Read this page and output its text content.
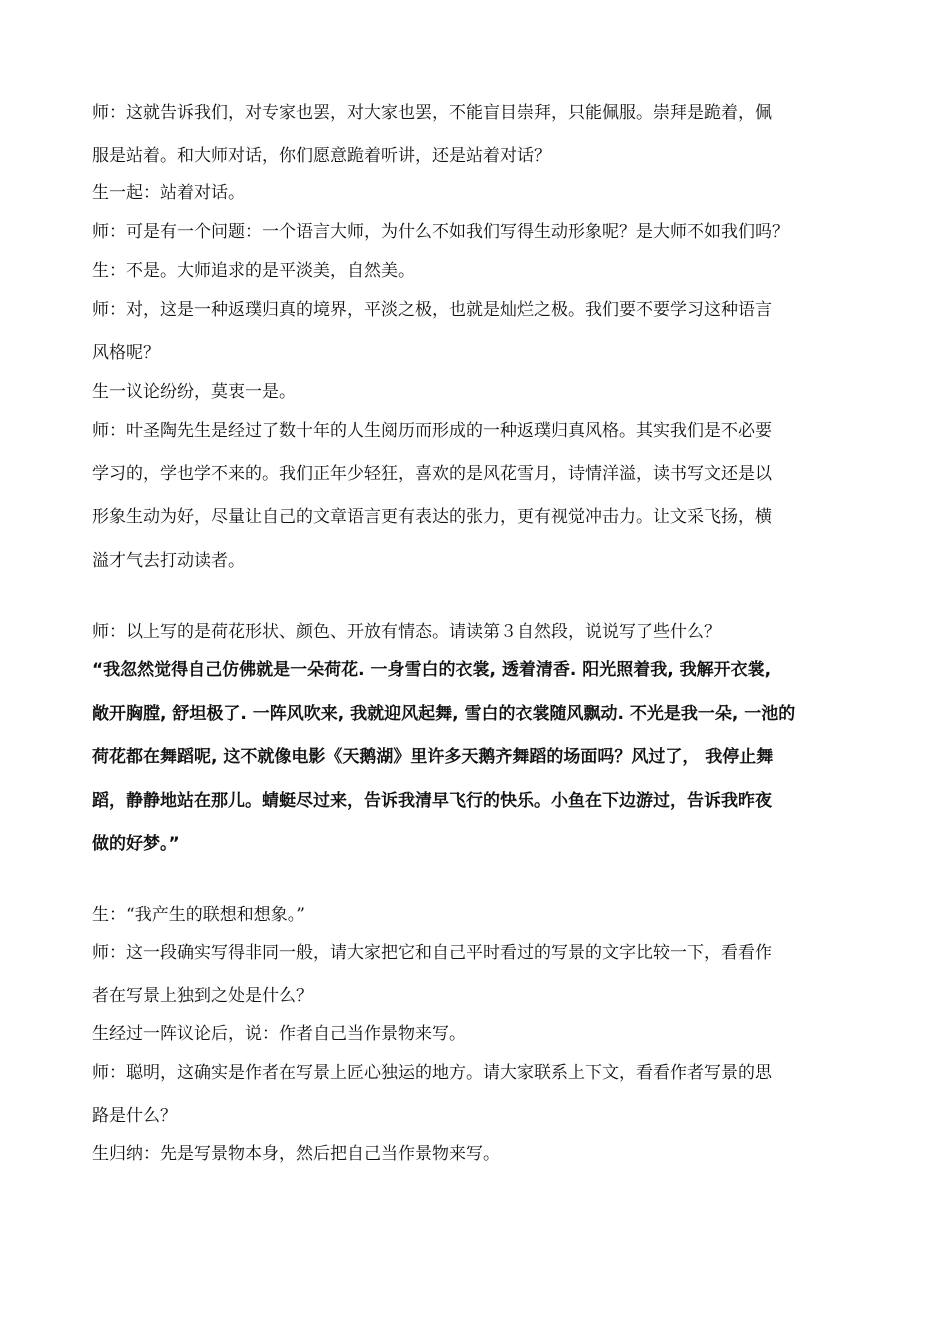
师：这就告诉我们，对专家也罢，对大家也罢，不能盲目崇拜，只能佩服。崇拜是跪着，佩
服是站着。和大师对话，你们愿意跪着听讲，还是站着对话？
生一起：站着对话。
师：可是有一个问题：一个语言大师，为什么不如我们写得生动形象呢？是大师不如我们吗？
生：不是。大师追求的是平淡美，自然美。
师：对，这是一种返璞归真的境界，平淡之极，也就是灿烂之极。我们要不要学习这种语言
风格呢？
生一议论纷纷，莫衷一是。
师：叶圣陶先生是经过了数十年的人生阅历而形成的一种返璞归真风格。其实我们是不必要
学习的，学也学不来的。我们正年少轻狂，喜欢的是风花雪月，诗情洋溢，读书写文还是以
形象生动为好，尽量让自己的文章语言更有表达的张力，更有视觉冲击力。让文采飞扬，横
溢才气去打动读者。
师：以上写的是荷花形状、颜色、开放有情态。请读第３自然段，说说写了些什么？
“我忽然觉得自己仿佛就是一朵荷花. 一身雪白的衣裳, 透着清香. 阳光照着我, 我解开衣裳,
敞开胸膛, 舒坦极了. 一阵风吹来, 我就迎风起舞, 雪白的衣裳随风飘动. 不光是我一朵, 一池的
荷花都在舞蹈呢, 这不就像电影《天鹅湖》里许多天鹅齐舞蹈的场面吗？风过了， 我停止舞
蹈，静静地站在那儿。蜻蜓尽过来，告诉我清早飞行的快乐。小鱼在下边游过，告诉我昨夜
做的好梦。”
生：“我产生的联想和想象。”
师：这一段确实写得非同一般，请大家把它和自己平时看过的写景的文字比较一下，看看作
者在写景上独到之处是什么？
生经过一阵议论后，说：作者自己当作景物来写。
师：聪明，这确实是作者在写景上匠心独运的地方。请大家联系上下文，看看作者写景的思
路是什么？
生归纳：先是写景物本身，然后把自己当作景物来写。
